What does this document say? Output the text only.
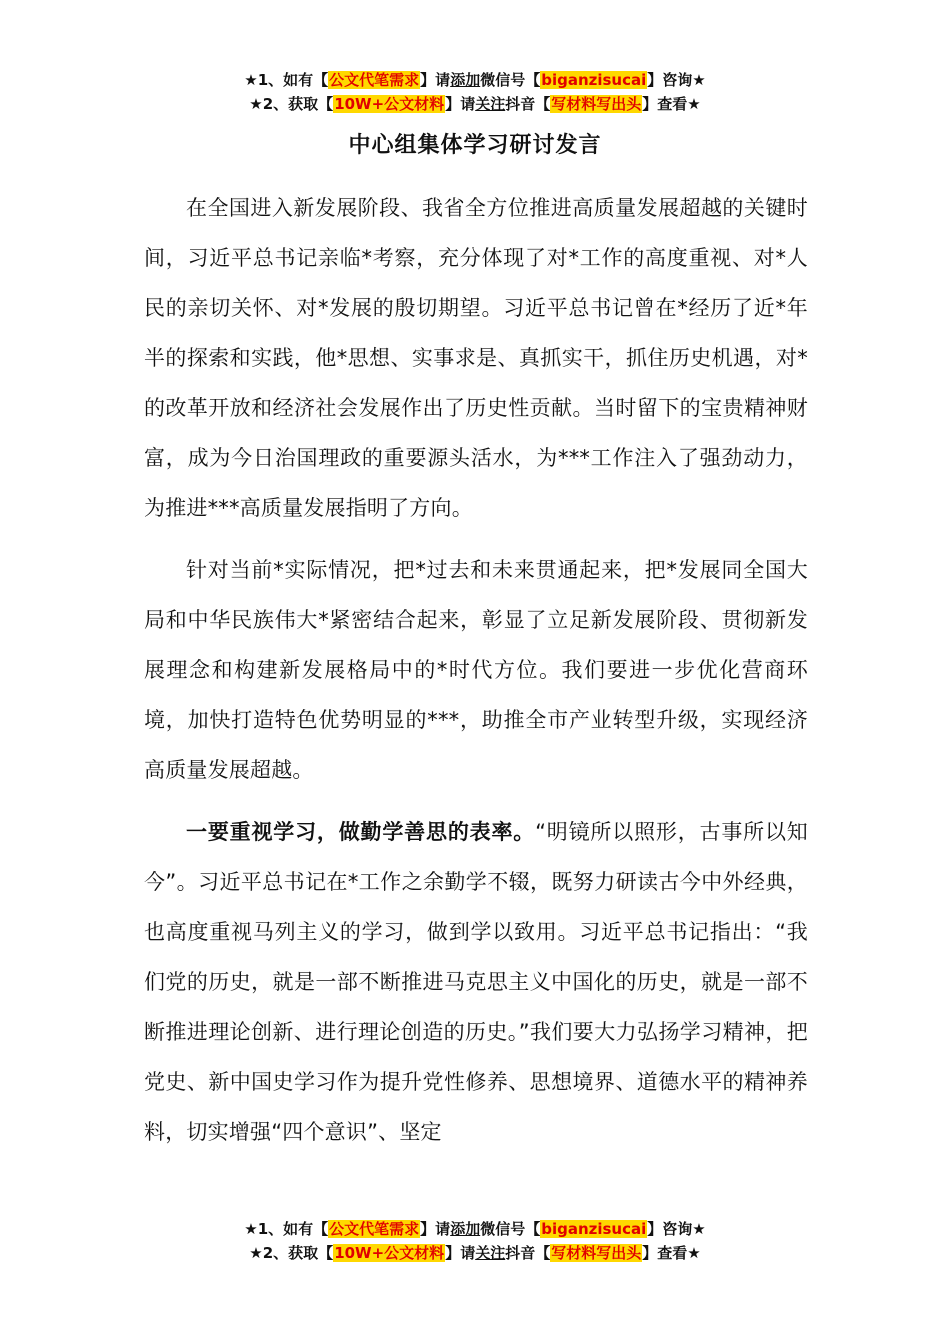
★1、如有【公文代笔需求】请添加微信号【biganzisucai】咨询★
★2、获取【10W+公文材料】请关注抖音【写材料写出头】查看★
中心组集体学习研讨发言

在全国进入新发展阶段、我省全方位推进高质量发展超越的关键时间，习近平总书记亲临*考察，充分体现了对*工作的高度重视、对*人民的亲切关怀、对*发展的殷切期望。习近平总书记曾在*经历了近*年半的探索和实践，他*思想、实事求是、真抓实干，抓住历史机遇，对*的改革开放和经济社会发展作出了历史性贡献。当时留下的宝贵精神财富，成为今日治国理政的重要源头活水，为***工作注入了强劲动力，为推进***高质量发展指明了方向。

针对当前*实际情况，把*过去和未来贯通起来，把*发展同全国大局和中华民族伟大*紧密结合起来，彰显了立足新发展阶段、贯彻新发展理念和构建新发展格局中的*时代方位。我们要进一步优化营商环境，加快打造特色优势明显的***，助推全市产业转型升级，实现经济高质量发展超越。

一要重视学习，做勤学善思的表率。“明镜所以照形，古事所以知今”。习近平总书记在*工作之余勤学不辍，既努力研读古今中外经典，也高度重视马列主义的学习，做到学以致用。习近平总书记指出：“我们党的历史，就是一部不断推进马克思主义中国化的历史，就是一部不断推进理论创新、进行理论创造的历史。”我们要大力弘扬学习精神，把党史、新中国史学习作为提升党性修养、思想境界、道德水平的精神养料，切实增强“四个意识”、坚定

★1、如有【公文代笔需求】请添加微信号【biganzisucai】咨询★
★2、获取【10W+公文材料】请关注抖音【写材料写出头】查看★
